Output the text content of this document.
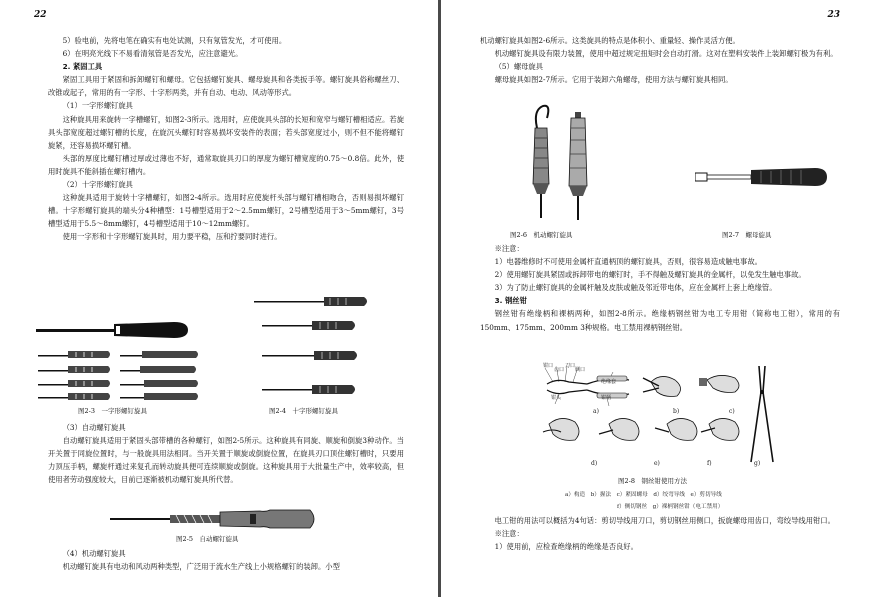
22

5）验电前，先将电笔在确实有电处试测，只有氖管发光，才可使用。

6）在明亮光线下不易看清氖管是否发光，应注意避光。

2. 紧固工具

紧固工具用于紧固和拆卸螺钉和螺母。它包括螺钉旋具、螺母旋具和各类扳手等。螺钉旋具俗称螺丝刀、改锥或起子，常用的有一字形、十字形两类，并有自动、电动、风动等形式。

（1）一字形螺钉旋具

这种旋具用来旋转一字槽螺钉，如图2-3所示。选用时，应使旋具头部的长短和宽窄与螺钉槽相适应。若旋具头部宽度超过螺钉槽的长度，在旋沉头螺钉时容易损坏安装件的表面；若头部宽度过小，则不但不能将螺钉旋紧，还容易损坏螺钉槽。

头部的厚度比螺钉槽过厚或过薄也不好，通常取旋具刃口的厚度为螺钉槽宽度的0.75～0.8倍。此外，使用时旋具不能斜插在螺钉槽内。

（2）十字形螺钉旋具

这种旋具适用于旋转十字槽螺钉，如图2-4所示。选用时应使旋杆头部与螺钉槽相吻合，否则易损坏螺钉槽。十字形螺钉旋具的端头分4种槽型：1号槽型适用于2～2.5mm螺钉，2号槽型适用于3～5mm螺钉，3号槽型适用于5.5～8mm螺钉，4号槽型适用于10～12mm螺钉。

使用一字形和十字形螺钉旋具时，用力要平稳，压和拧要同时进行。

图2-3　一字形螺钉旋具	图2-4　十字形螺钉旋具

（3）自动螺钉旋具

自动螺钉旋具适用于紧固头部带槽的各种螺钉，如图2-5所示。这种旋具有同旋、顺旋和倒旋3种动作。当开关置于同旋位置时，与一般旋具用法相同。当开关置于顺旋或倒旋位置，在旋具刃口顶住螺钉槽时，只要用力顶压手柄，螺旋杆通过来复孔而转动旋具便可连续顺旋或倒旋。这种旋具用于大批量生产中，效率较高，但使用者劳动强度较大，目前已逐渐被机动螺钉旋具所代替。

图2-5　自动螺钉旋具

（4）机动螺钉旋具

机动螺钉旋具有电动和风动两种类型，广泛用于流水生产线上小规格螺钉的装卸。小型

23

机动螺钉旋具如图2-6所示。这类旋具的特点是体积小、重量轻、操作灵活方便。

机动螺钉旋具设有限力装置，使用中超过规定扭矩时会自动打滑。这对在塑料安装件上装卸螺钉极为有利。

（5）螺母旋具

螺母旋具如图2-7所示。它用于装卸六角螺母，使用方法与螺钉旋具相同。

图2-6　机动螺钉旋具	图2-7　螺母旋具

※注意：

1）电器维修时不可使用金属杆直通柄顶的螺钉旋具，否则，很容易造成触电事故。

2）使用螺钉旋具紧固或拆卸带电的螺钉时，手不得触及螺钉旋具的金属杆，以免发生触电事故。

3）为了防止螺钉旋具的金属杆触及皮肤或触及邻近带电体，应在金属杆上套上绝缘管。

3. 钢丝钳

钢丝钳有绝缘柄和裸柄两种，如图2-8所示。绝缘柄钢丝钳为电工专用钳（简称电工钳），常用的有150mm、175mm、200mm 3种规格。电工禁用裸柄钢丝钳。

钳口
齿口
刀口
铡口
钳头
绝缘套
钳柄
a)	b)	c)
d)	e)	f)	g)
图2-8　钢丝钳使用方法
a）构造　b）握法　c）紧固螺母　d）绞弯导线　e）剪切导线
f）侧切钢丝　g）裸柄钢丝钳（电工禁用）

电工钳的用法可以概括为4句话：剪切导线用刀口，剪切钢丝用侧口，扳旋螺母用齿口，弯绞导线用钳口。

※注意：

1）使用前，应检查绝缘柄的绝缘是否良好。
